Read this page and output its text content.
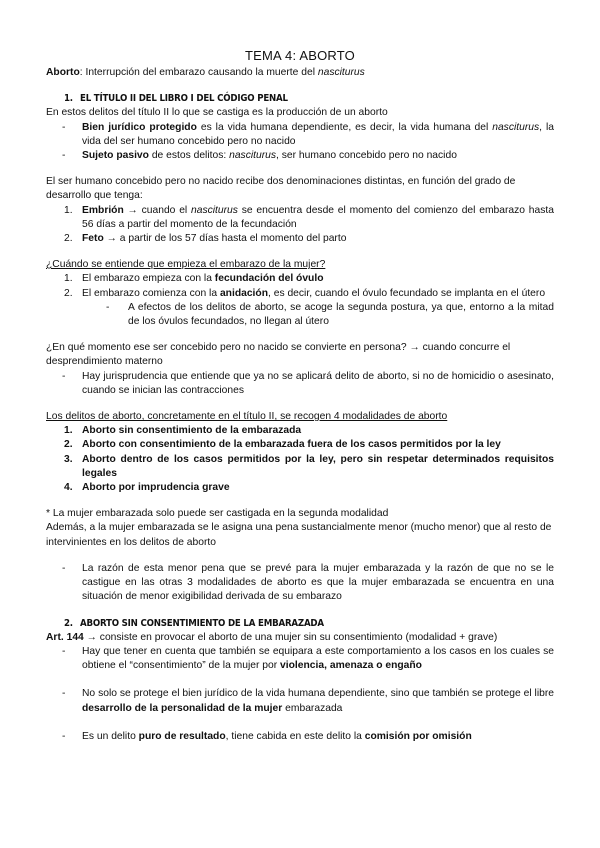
TEMA 4: ABORTO

Aborto: Interrupción del embarazo causando la muerte del nasciturus

1. EL TÍTULO II DEL LIBRO I DEL CÓDIGO PENAL

En estos delitos del título II lo que se castiga es la producción de un aborto

- Bien jurídico protegido es la vida humana dependiente, es decir, la vida humana del nasciturus, la vida del ser humano concebido pero no nacido
- Sujeto pasivo de estos delitos: nasciturus, ser humano concebido pero no nacido

El ser humano concebido pero no nacido recibe dos denominaciones distintas, en función del grado de desarrollo que tenga:

1. Embrión → cuando el nasciturus se encuentra desde el momento del comienzo del embarazo hasta 56 días a partir del momento de la fecundación
2. Feto → a partir de los 57 días hasta el momento del parto

¿Cuándo se entiende que empieza el embarazo de la mujer?

1. El embarazo empieza con la fecundación del óvulo
2. El embarazo comienza con la anidación, es decir, cuando el óvulo fecundado se implanta en el útero
- A efectos de los delitos de aborto, se acoge la segunda postura, ya que, entorno a la mitad de los óvulos fecundados, no llegan al útero

¿En qué momento ese ser concebido pero no nacido se convierte en persona? → cuando concurre el desprendimiento materno

- Hay jurisprudencia que entiende que ya no se aplicará delito de aborto, si no de homicidio o asesinato, cuando se inician las contracciones

Los delitos de aborto, concretamente en el título II, se recogen 4 modalidades de aborto

1. Aborto sin consentimiento de la embarazada
2. Aborto con consentimiento de la embarazada fuera de los casos permitidos por la ley
3. Aborto dentro de los casos permitidos por la ley, pero sin respetar determinados requisitos legales
4. Aborto por imprudencia grave

* La mujer embarazada solo puede ser castigada en la segunda modalidad

Además, a la mujer embarazada se le asigna una pena sustancialmente menor (mucho menor) que al resto de intervinientes en los delitos de aborto

- La razón de esta menor pena que se prevé para la mujer embarazada y la razón de que no se le castigue en las otras 3 modalidades de aborto es que la mujer embarazada se encuentra en una situación de menor exigibilidad derivada de su embarazo

2. ABORTO SIN CONSENTIMIENTO DE LA EMBARAZADA

Art. 144 → consiste en provocar el aborto de una mujer sin su consentimiento (modalidad + grave)

- Hay que tener en cuenta que también se equipara a este comportamiento a los casos en los cuales se obtiene el “consentimiento” de la mujer por violencia, amenaza o engaño
- No solo se protege el bien jurídico de la vida humana dependiente, sino que también se protege el libre desarrollo de la personalidad de la mujer embarazada
- Es un delito puro de resultado, tiene cabida en este delito la comisión por omisión
